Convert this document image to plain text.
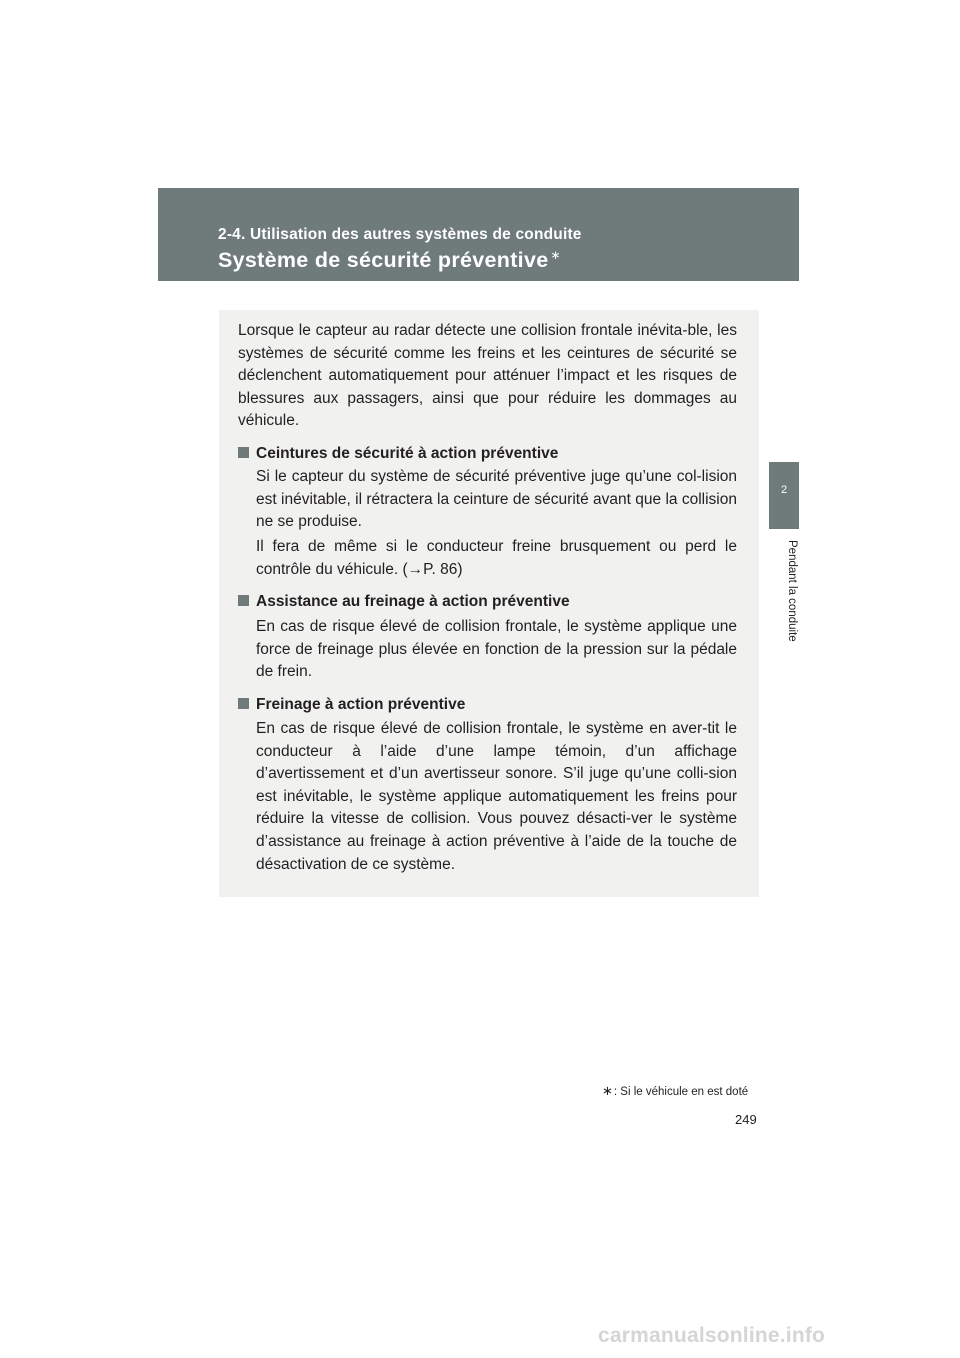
2-4. Utilisation des autres systèmes de conduite
Système de sécurité préventive ∗
2
Pendant la conduite

Lorsque le capteur au radar détecte une collision frontale inévita-ble, les systèmes de sécurité comme les freins et les ceintures de sécurité se déclenchent automatiquement pour atténuer l’impact et les risques de blessures aux passagers, ainsi que pour réduire les dommages au véhicule.

Ceintures de sécurité à action préventive

Si le capteur du système de sécurité préventive juge qu’une col-lision est inévitable, il rétractera la ceinture de sécurité avant que la collision ne se produise.

Il fera de même si le conducteur freine brusquement ou perd le contrôle du véhicule. (→P. 86)

Assistance au freinage à action préventive

En cas de risque élevé de collision frontale, le système applique une force de freinage plus élevée en fonction de la pression sur la pédale de frein.

Freinage à action préventive

En cas de risque élevé de collision frontale, le système en aver-tit le conducteur à l’aide d’une lampe témoin, d’un affichage d’avertissement et d’un avertisseur sonore. S’il juge qu’une colli-sion est inévitable, le système applique automatiquement les freins pour réduire la vitesse de collision. Vous pouvez désacti-ver le système d’assistance au freinage à action préventive à l’aide de la touche de désactivation de ce système.

∗: Si le véhicule en est doté
249
carmanualsonline.info
